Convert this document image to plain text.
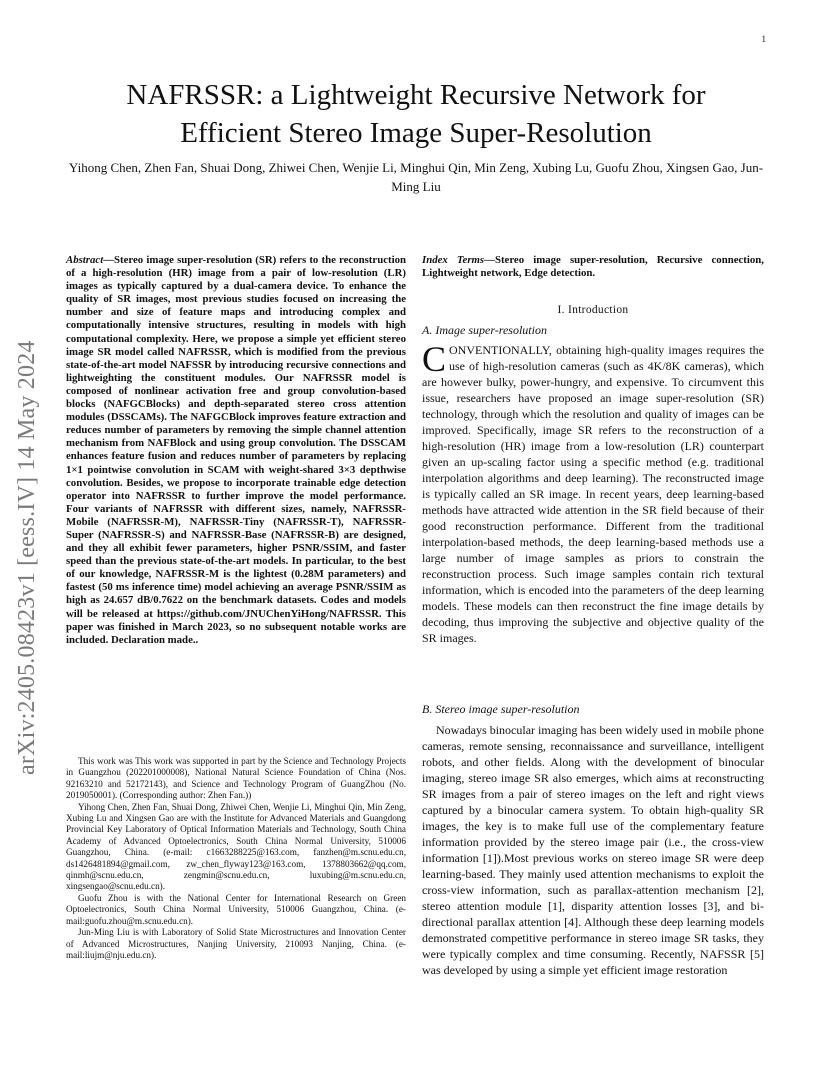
1
arXiv:2405.08423v1 [eess.IV] 14 May 2024
NAFRSSR: a Lightweight Recursive Network for
Efficient Stereo Image Super-Resolution
Yihong Chen, Zhen Fan, Shuai Dong, Zhiwei Chen, Wenjie Li, Minghui Qin, Min Zeng, Xubing Lu, Guofu Zhou, Xingsen Gao, Jun-Ming Liu
Abstract—Stereo image super-resolution (SR) refers to the reconstruction of a high-resolution (HR) image from a pair of low-resolution (LR) images as typically captured by a dual-camera device. To enhance the quality of SR images, most previous studies focused on increasing the number and size of feature maps and introducing complex and computationally intensive structures, resulting in models with high computational complexity. Here, we propose a simple yet efficient stereo image SR model called NAFRSSR, which is modified from the previous state-of-the-art model NAFSSR by introducing recursive connections and lightweighting the constituent modules. Our NAFRSSR model is composed of nonlinear activation free and group convolution-based blocks (NAFGCBlocks) and depth-separated stereo cross attention modules (DSSCAMs). The NAFGCBlock improves feature extraction and reduces number of parameters by removing the simple channel attention mechanism from NAFBlock and using group convolution. The DSSCAM enhances feature fusion and reduces number of parameters by replacing 1×1 pointwise convolution in SCAM with weight-shared 3×3 depthwise convolution. Besides, we propose to incorporate trainable edge detection operator into NAFRSSR to further improve the model performance. Four variants of NAFRSSR with different sizes, namely, NAFRSSR-Mobile (NAFRSSR-M), NAFRSSR-Tiny (NAFRSSR-T), NAFRSSR-Super (NAFRSSR-S) and NAFRSSR-Base (NAFRSSR-B) are designed, and they all exhibit fewer parameters, higher PSNR/SSIM, and faster speed than the previous state-of-the-art models. In particular, to the best of our knowledge, NAFRSSR-M is the lightest (0.28M parameters) and fastest (50 ms inference time) model achieving an average PSNR/SSIM as high as 24.657 dB/0.7622 on the benchmark datasets. Codes and models will be released at https://github.com/JNUChenYiHong/NAFRSSR. This paper was finished in March 2023, so no subsequent notable works are included. Declaration made..

This work was This work was supported in part by the Science and Technology Projects in Guangzhou (202201000008), National Natural Science Foundation of China (Nos. 92163210 and 52172143), and Science and Technology Program of GuangZhou (No. 2019050001). (Corresponding author: Zhen Fan.))

Yihong Chen, Zhen Fan, Shuai Dong, Zhiwei Chen, Wenjie Li, Minghui Qin, Min Zeng, Xubing Lu and Xingsen Gao are with the Institute for Advanced Materials and Guangdong Provincial Key Laboratory of Optical Information Materials and Technology, South China Academy of Advanced Optoelectronics, South China Normal University, 510006 Guangzhou, China. (e-mail: c1663288225@163.com, fanzhen@m.scnu.edu.cn, ds1426481894@gmail.com, zw_chen_flyway123@163.com, 1378803662@qq.com, qinmh@scnu.edu.cn, zengmin@scnu.edu.cn, luxubing@m.scnu.edu.cn, xingsengao@scnu.edu.cn).

Guofu Zhou is with the National Center for International Research on Green Optoelectronics, South China Normal University, 510006 Guangzhou, China. (e-mail:guofu.zhou@m.scnu.edu.cn).

Jun-Ming Liu is with Laboratory of Solid State Microstructures and Innovation Center of Advanced Microstructures, Nanjing University, 210093 Nanjing, China. (e-mail:liujm@nju.edu.cn).

Index Terms—Stereo image super-resolution, Recursive connection, Lightweight network, Edge detection.
I. Introduction
A. Image super-resolution
CONVENTIONALLY, obtaining high-quality images requires the use of high-resolution cameras (such as 4K/8K cameras), which are however bulky, power-hungry, and expensive. To circumvent this issue, researchers have proposed an image super-resolution (SR) technology, through which the resolution and quality of images can be improved. Specifically, image SR refers to the reconstruction of a high-resolution (HR) image from a low-resolution (LR) counterpart given an up-scaling factor using a specific method (e.g. traditional interpolation algorithms and deep learning). The reconstructed image is typically called an SR image. In recent years, deep learning-based methods have attracted wide attention in the SR field because of their good reconstruction performance. Different from the traditional interpolation-based methods, the deep learning-based methods use a large number of image samples as priors to constrain the reconstruction process. Such image samples contain rich textural information, which is encoded into the parameters of the deep learning models. These models can then reconstruct the fine image details by decoding, thus improving the subjective and objective quality of the SR images.
B. Stereo image super-resolution
Nowadays binocular imaging has been widely used in mobile phone cameras, remote sensing, reconnaissance and surveillance, intelligent robots, and other fields. Along with the development of binocular imaging, stereo image SR also emerges, which aims at reconstructing SR images from a pair of stereo images on the left and right views captured by a binocular camera system. To obtain high-quality SR images, the key is to make full use of the complementary feature information provided by the stereo image pair (i.e., the cross-view information [1]).Most previous works on stereo image SR were deep learning-based. They mainly used attention mechanisms to exploit the cross-view information, such as parallax-attention mechanism [2], stereo attention module [1], disparity attention losses [3], and bi-directional parallax attention [4]. Although these deep learning models demonstrated competitive performance in stereo image SR tasks, they were typically complex and time consuming. Recently, NAFSSR [5] was developed by using a simple yet efficient image restoration
